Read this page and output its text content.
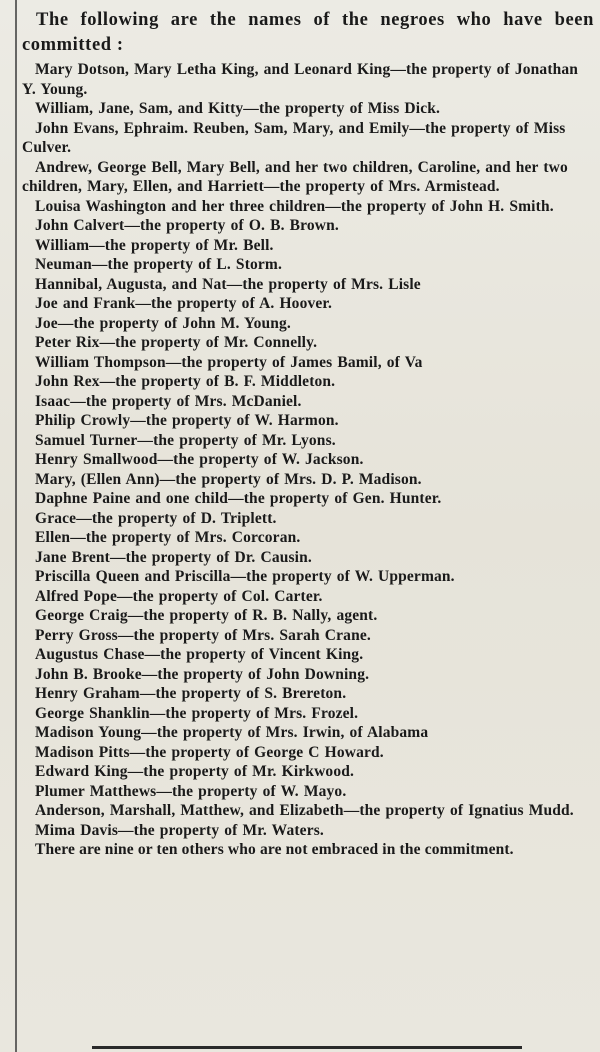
The following are the names of the negroes who have been committed :

Mary Dotson, Mary Letha King, and Leonard King—the property of Jonathan Y. Young.
William, Jane, Sam, and Kitty—the property of Miss Dick.
John Evans, Ephraim. Reuben, Sam, Mary, and Emily—the property of Miss Culver.
Andrew, George Bell, Mary Bell, and her two children, Caroline, and her two children, Mary, Ellen, and Harriett—the property of Mrs. Armistead.
Louisa Washington and her three children—the property of John H. Smith.
John Calvert—the property of O. B. Brown.
William—the property of Mr. Bell.
Neuman—the property of L. Storm.
Hannibal, Augusta, and Nat—the property of Mrs. Lisle
Joe and Frank—the property of A. Hoover.
Joe—the property of John M. Young.
Peter Rix—the property of Mr. Connelly.
William Thompson—the property of James Bamil, of Va
John Rex—the property of B. F. Middleton.
Isaac—the property of Mrs. McDaniel.
Philip Crowly—the property of W. Harmon.
Samuel Turner—the property of Mr. Lyons.
Henry Smallwood—the property of W. Jackson.
Mary, (Ellen Ann)—the property of Mrs. D. P. Madison.
Daphne Paine and one child—the property of Gen. Hunter.
Grace—the property of D. Triplett.
Ellen—the property of Mrs. Corcoran.
Jane Brent—the property of Dr. Causin.
Priscilla Queen and Priscilla—the property of W. Upperman.
Alfred Pope—the property of Col. Carter.
George Craig—the property of R. B. Nally, agent.
Perry Gross—the property of Mrs. Sarah Crane.
Augustus Chase—the property of Vincent King.
John B. Brooke—the property of John Downing.
Henry Graham—the property of S. Brereton.
George Shanklin—the property of Mrs. Frozel.
Madison Young—the property of Mrs. Irwin, of Alabama
Madison Pitts—the property of George C Howard.
Edward King—the property of Mr. Kirkwood.
Plumer Matthews—the property of W. Mayo.
Anderson, Marshall, Matthew, and Elizabeth—the property of Ignatius Mudd.
Mima Davis—the property of Mr. Waters.

There are nine or ten others who are not embraced in the commitment.
